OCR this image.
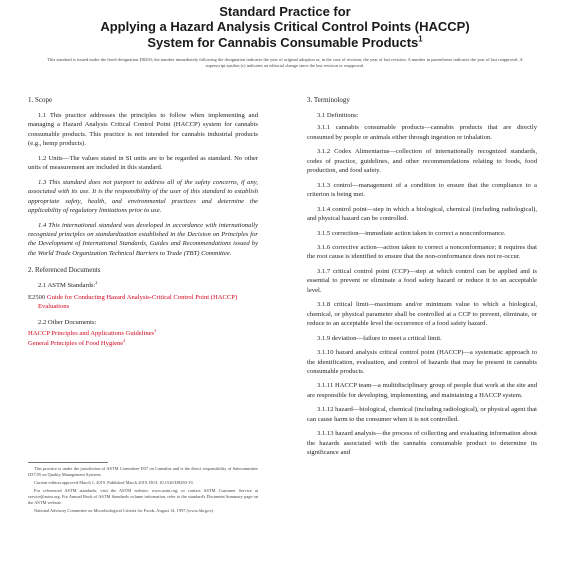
Standard Practice for
Applying a Hazard Analysis Critical Control Points (HACCP)
System for Cannabis Consumable Products$^1$

This standard is issued under the fixed designation D8250; the number immediately following the designation indicates the year of original adoption or, in the case of revision, the year of last revision. A number in parentheses indicates the year of last reapproval. A superscript epsilon (ε) indicates an editorial change since the last revision or reapproval.

1. Scope

1.1 This practice addresses the principles to follow when implementing and managing a Hazard Analysis Critical Control Point (HACCP) system for cannabis consumable products. This practice is not intended for cannabis industrial products (e.g., hemp products).

1.2 Units—The values stated in SI units are to be regarded as standard. No other units of measurement are included in this standard.

1.3 This standard does not purport to address all of the safety concerns, if any, associated with its use. It is the responsibility of the user of this standard to establish appropriate safety, health, and environmental practices and determine the applicability of regulatory limitations prior to use.

1.4 This international standard was developed in accordance with internationally recognized principles on standardization established in the Decision on Principles for the Development of International Standards, Guides and Recommendations issued by the World Trade Organization Technical Barriers to Trade (TBT) Committee.

2. Referenced Documents

2.1 ASTM Standards:$^2$

E2500 Guide for Conducting Hazard Analysis-Critical Control Point (HACCP) Evaluations

2.2 Other Documents:

HACCP Principles and Applications Guidelines$^3$

General Principles of Food Hygiene$^4$

This practice is under the jurisdiction of ASTM Committee D37 on Cannabis and is the direct responsibility of Subcommittee D37.05 on Quality Management Systems.

Current edition approved March 1, 2019. Published March 2019. DOI: 10.1520/D8250-19.

For referenced ASTM standards, visit the ASTM website, www.astm.org, or contact ASTM Customer Service at service@astm.org. For Annual Book of ASTM Standards volume information, refer to the standard's Document Summary page on the ASTM website.

National Advisory Committee on Microbiological Criteria for Foods, August 14, 1997 (www.fda.gov).

3. Terminology

3.1 Definitions:

3.1.1 cannabis consumable products—cannabis products that are directly consumed by people or animals either through ingestion or inhalation.

3.1.2 Codex Alimentarius—collection of internationally recognized standards, codes of practice, guidelines, and other recommendations relating to foods, food production, and food safety.

3.1.3 control—management of a condition to ensure that the compliance to a criterion is being met.

3.1.4 control point—step in which a biological, chemical (including radiological), and physical hazard can be controlled.

3.1.5 correction—immediate action taken to correct a nonconformance.

3.1.6 corrective action—action taken to correct a nonconformance; it requires that the root cause is identified to ensure that the non-conformance does not re-occur.

3.1.7 critical control point (CCP)—step at which control can be applied and is essential to prevent or eliminate a food safety hazard or reduce it to an acceptable level.

3.1.8 critical limit—maximum and/or minimum value to which a biological, chemical, or physical parameter shall be controlled at a CCP to prevent, eliminate, or reduce to an acceptable level the occurrence of a food safety hazard.

3.1.9 deviation—failure to meet a critical limit.

3.1.10 hazard analysis critical control point (HACCP)—a systematic approach to the identification, evaluation, and control of hazards that may be present in cannabis consumable products.

3.1.11 HACCP team—a multidisciplinary group of people that work at the site and are responsible for developing, implementing, and maintaining a HACCP system.

3.1.12 hazard—biological, chemical (including radiological), or physical agent that can cause harm to the consumer when it is not controlled.

3.1.13 hazard analysis—the process of collecting and evaluating information about the hazards associated with the cannabis consumable product to determine its significance and
